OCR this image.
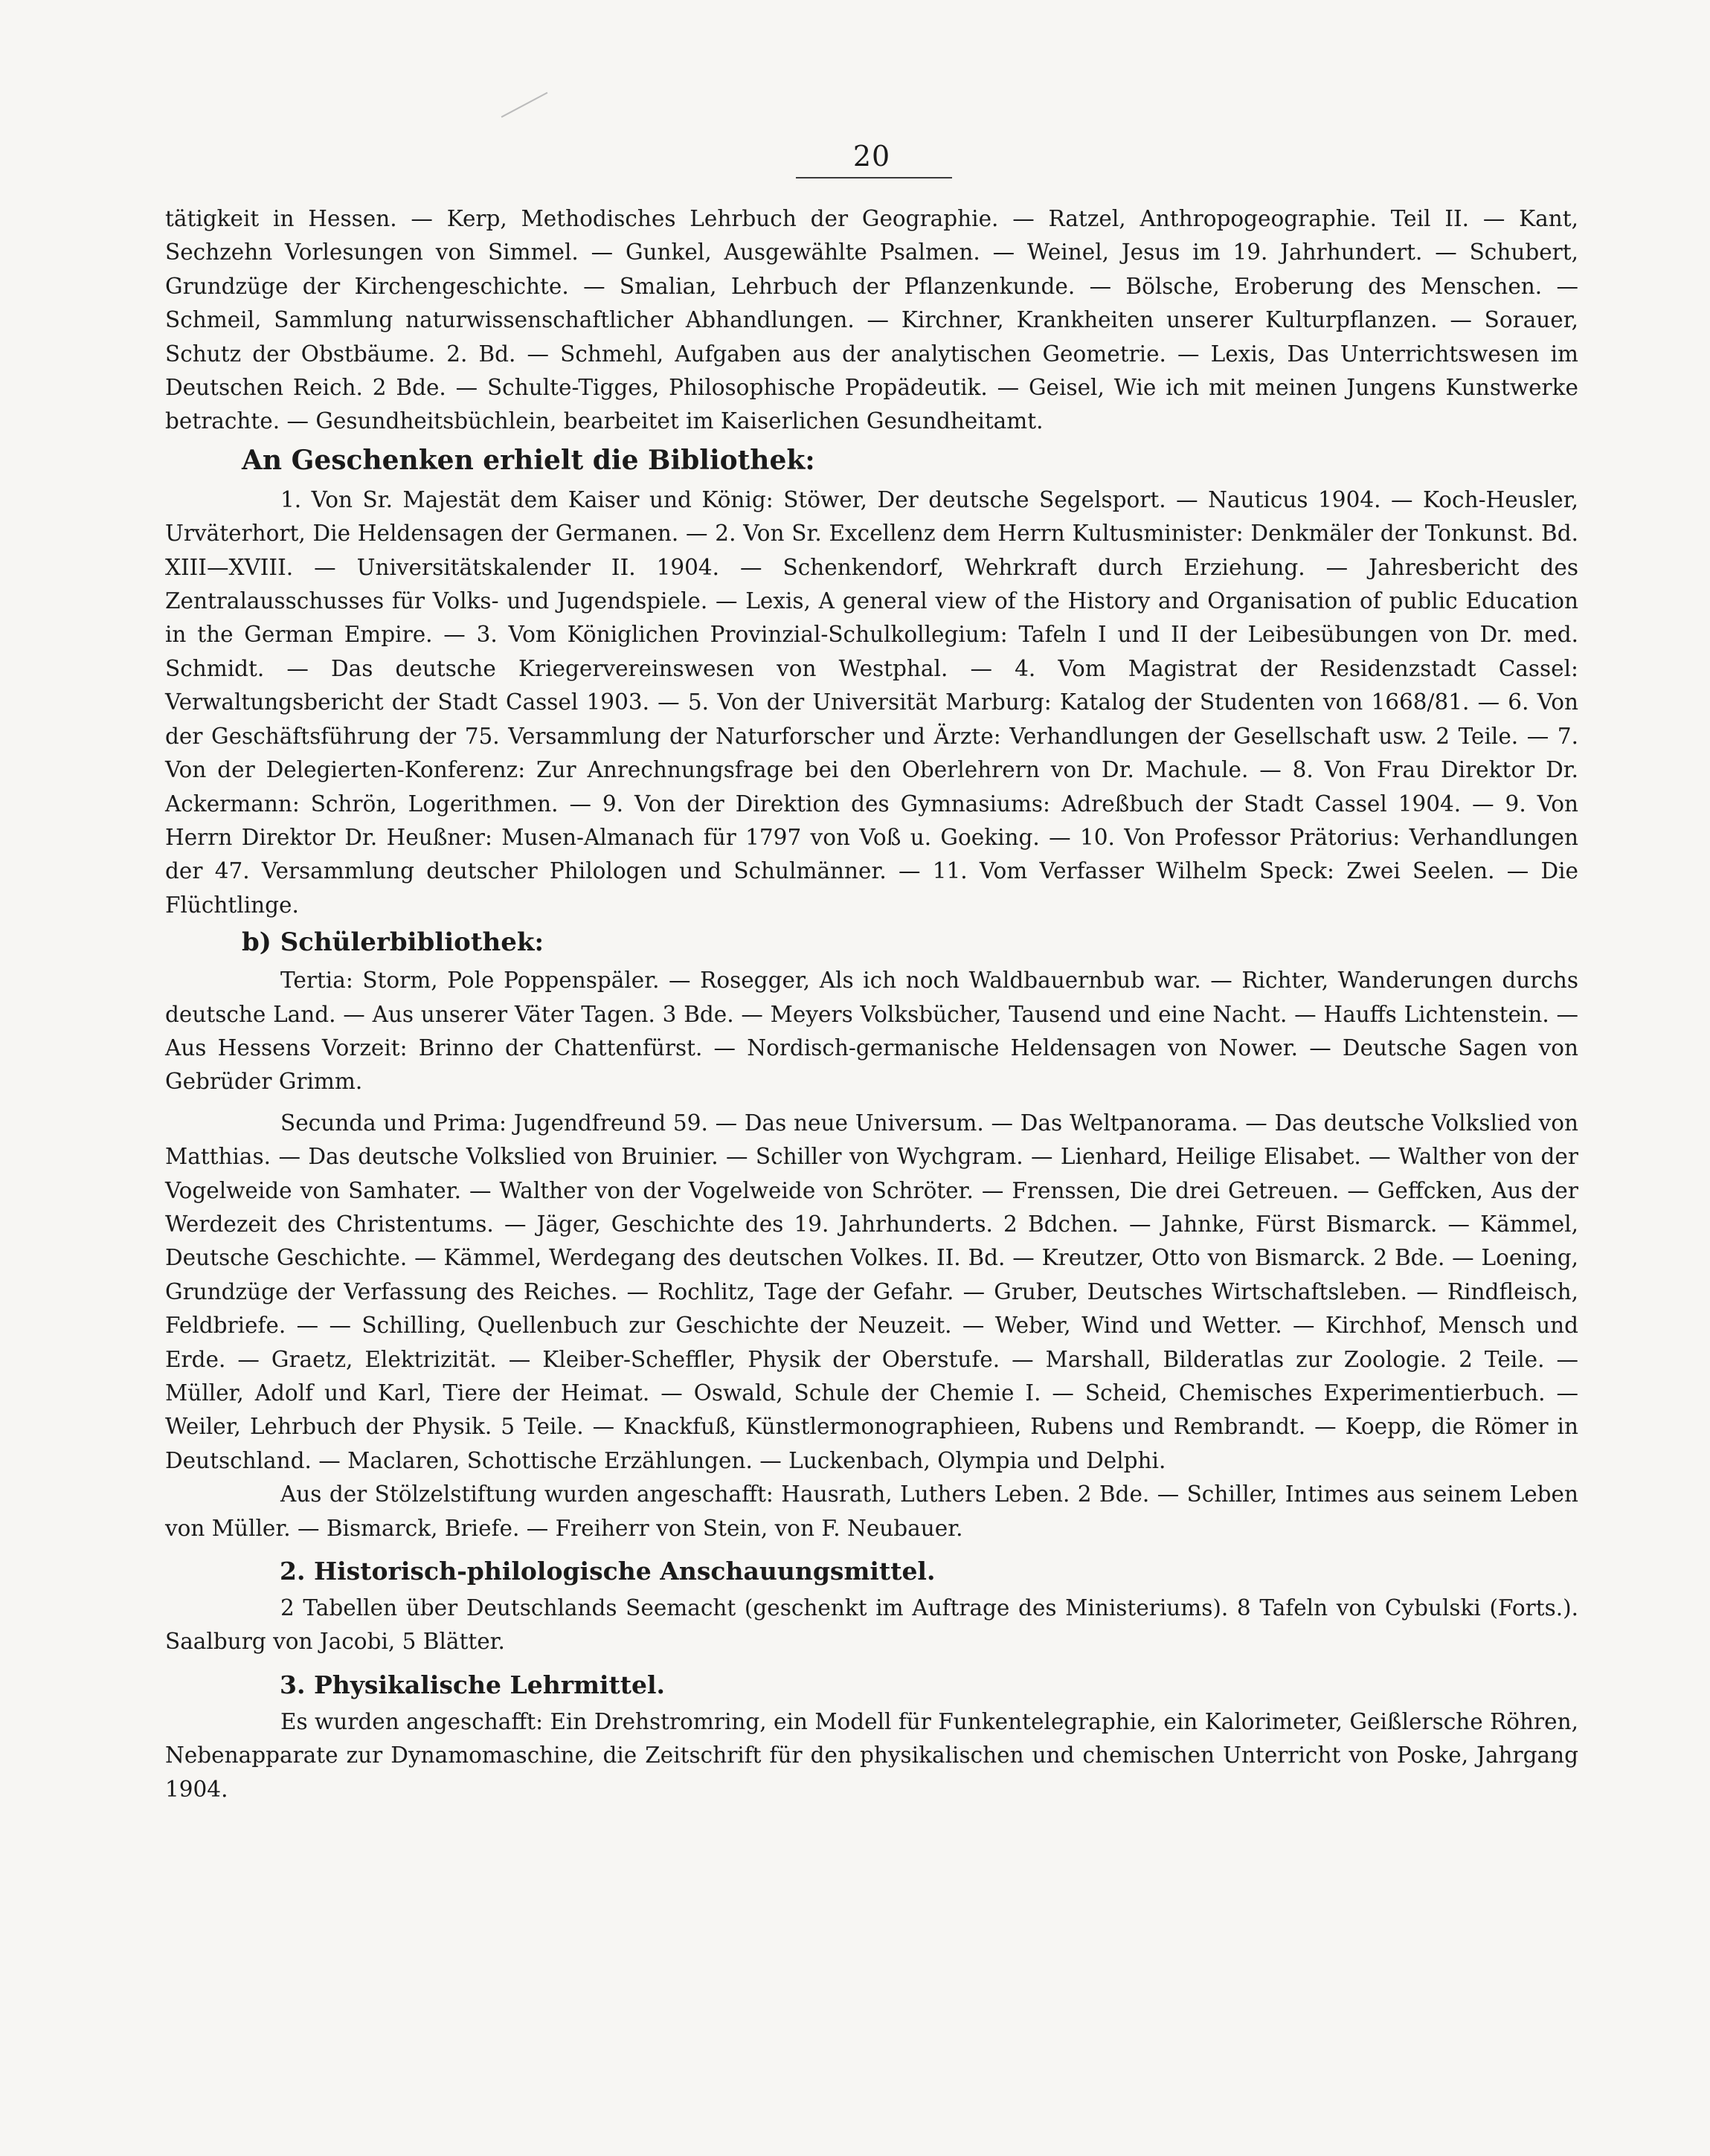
20

tätigkeit in Hessen. — Kerp, Methodisches Lehrbuch der Geographie. — Ratzel, Anthropogeographie. Teil II. — Kant, Sechzehn Vorlesungen von Simmel. — Gunkel, Ausgewählte Psalmen. — Weinel, Jesus im 19. Jahrhundert. — Schubert, Grundzüge der Kirchengeschichte. — Smalian, Lehrbuch der Pflanzenkunde. — Bölsche, Eroberung des Menschen. — Schmeil, Sammlung naturwissenschaftlicher Abhandlungen. — Kirchner, Krankheiten unserer Kulturpflanzen. — Sorauer, Schutz der Obstbäume. 2. Bd. — Schmehl, Aufgaben aus der analytischen Geometrie. — Lexis, Das Unterrichtswesen im Deutschen Reich. 2 Bde. — Schulte-Tigges, Philosophische Propädeutik. — Geisel, Wie ich mit meinen Jungens Kunstwerke betrachte. — Gesundheitsbüchlein, bearbeitet im Kaiserlichen Gesundheitamt.

An Geschenken erhielt die Bibliothek:

1. Von Sr. Majestät dem Kaiser und König: Stöwer, Der deutsche Segelsport. — Nauticus 1904. — Koch-Heusler, Urväterhort, Die Heldensagen der Germanen. — 2. Von Sr. Excellenz dem Herrn Kultusminister: Denkmäler der Tonkunst. Bd. XIII—XVIII. — Universitätskalender II. 1904. — Schenkendorf, Wehrkraft durch Erziehung. — Jahresbericht des Zentralausschusses für Volks- und Jugendspiele. — Lexis, A general view of the History and Organisation of public Education in the German Empire. — 3. Vom Königlichen Provinzial-Schulkollegium: Tafeln I und II der Leibesübungen von Dr. med. Schmidt. — Das deutsche Kriegervereinswesen von Westphal. — 4. Vom Magistrat der Residenzstadt Cassel: Verwaltungsbericht der Stadt Cassel 1903. — 5. Von der Universität Marburg: Katalog der Studenten von 1668/81. — 6. Von der Geschäftsführung der 75. Versammlung der Naturforscher und Ärzte: Verhandlungen der Gesellschaft usw. 2 Teile. — 7. Von der Delegierten-Konferenz: Zur Anrechnungsfrage bei den Oberlehrern von Dr. Machule. — 8. Von Frau Direktor Dr. Ackermann: Schrön, Logerithmen. — 9. Von der Direktion des Gymnasiums: Adreßbuch der Stadt Cassel 1904. — 9. Von Herrn Direktor Dr. Heußner: Musen-Almanach für 1797 von Voß u. Goeking. — 10. Von Professor Prätorius: Verhandlungen der 47. Versammlung deutscher Philologen und Schulmänner. — 11. Vom Verfasser Wilhelm Speck: Zwei Seelen. — Die Flüchtlinge.

b) Schülerbibliothek:

Tertia: Storm, Pole Poppenspäler. — Rosegger, Als ich noch Waldbauernbub war. — Richter, Wanderungen durchs deutsche Land. — Aus unserer Väter Tagen. 3 Bde. — Meyers Volksbücher, Tausend und eine Nacht. — Hauffs Lichtenstein. — Aus Hessens Vorzeit: Brinno der Chattenfürst. — Nordisch-germanische Heldensagen von Nower. — Deutsche Sagen von Gebrüder Grimm.

Secunda und Prima: Jugendfreund 59. — Das neue Universum. — Das Weltpanorama. — Das deutsche Volkslied von Matthias. — Das deutsche Volkslied von Bruinier. — Schiller von Wychgram. — Lienhard, Heilige Elisabet. — Walther von der Vogelweide von Samhater. — Walther von der Vogelweide von Schröter. — Frenssen, Die drei Getreuen. — Geffcken, Aus der Werdezeit des Christentums. — Jäger, Geschichte des 19. Jahrhunderts. 2 Bdchen. — Jahnke, Fürst Bismarck. — Kämmel, Deutsche Geschichte. — Kämmel, Werdegang des deutschen Volkes. II. Bd. — Kreutzer, Otto von Bismarck. 2 Bde. — Loening, Grundzüge der Verfassung des Reiches. — Rochlitz, Tage der Gefahr. — Gruber, Deutsches Wirtschaftsleben. — Rindfleisch, Feldbriefe. — — Schilling, Quellenbuch zur Geschichte der Neuzeit. — Weber, Wind und Wetter. — Kirchhof, Mensch und Erde. — Graetz, Elektrizität. — Kleiber-Scheffler, Physik der Oberstufe. — Marshall, Bilderatlas zur Zoologie. 2 Teile. — Müller, Adolf und Karl, Tiere der Heimat. — Oswald, Schule der Chemie I. — Scheid, Chemisches Experimentierbuch. — Weiler, Lehrbuch der Physik. 5 Teile. — Knackfuß, Künstlermonographieen, Rubens und Rembrandt. — Koepp, die Römer in Deutschland. — Maclaren, Schottische Erzählungen. — Luckenbach, Olympia und Delphi.

Aus der Stölzelstiftung wurden angeschafft: Hausrath, Luthers Leben. 2 Bde. — Schiller, Intimes aus seinem Leben von Müller. — Bismarck, Briefe. — Freiherr von Stein, von F. Neubauer.

2. Historisch-philologische Anschauungsmittel.

2 Tabellen über Deutschlands Seemacht (geschenkt im Auftrage des Ministeriums). 8 Tafeln von Cybulski (Forts.). Saalburg von Jacobi, 5 Blätter.

3. Physikalische Lehrmittel.

Es wurden angeschafft: Ein Drehstromring, ein Modell für Funkentelegraphie, ein Kalorimeter, Geißlersche Röhren, Nebenapparate zur Dynamomaschine, die Zeitschrift für den physikalischen und chemischen Unterricht von Poske, Jahrgang 1904.
